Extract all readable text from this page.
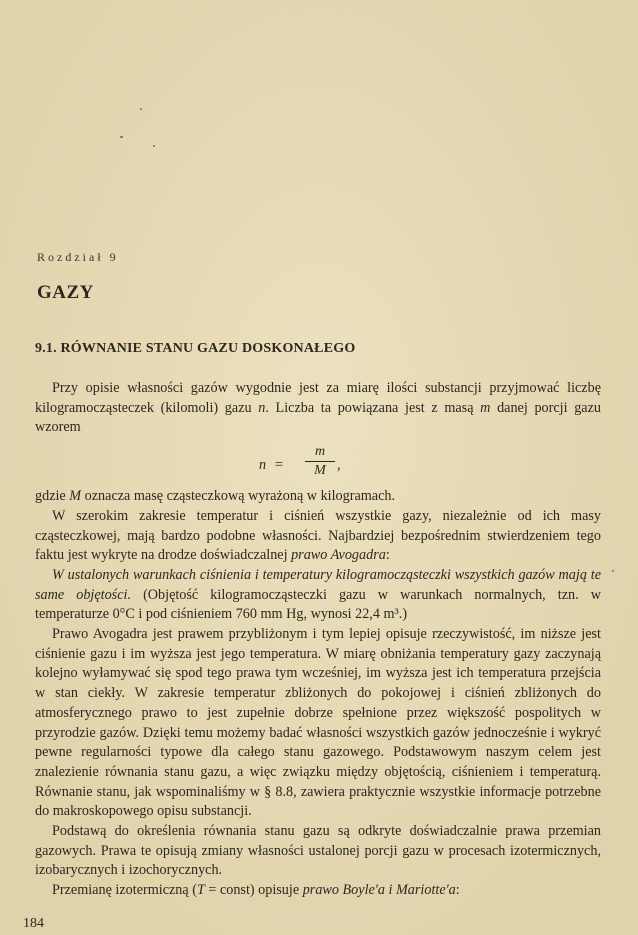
Rozdział 9
GAZY
9.1. RÓWNANIE STANU GAZU DOSKONAŁEGO

Przy opisie własności gazów wygodnie jest za miarę ilości substancji przyjmować liczbę kilogramocząsteczek (kilomoli) gazu n. Liczba ta powiązana jest z masą m danej porcji gazu wzorem

n =
m
M ,

gdzie M oznacza masę cząsteczkową wyrażoną w kilogramach.

W szerokim zakresie temperatur i ciśnień wszystkie gazy, niezależnie od ich masy cząsteczkowej, mają bardzo podobne własności. Najbardziej bezpośrednim stwierdzeniem tego faktu jest wykryte na drodze doświadczalnej prawo Avogadra:

W ustalonych warunkach ciśnienia i temperatury kilogramocząsteczki wszystkich gazów mają te same objętości. (Objętość kilogramocząsteczki gazu w warunkach normalnych, tzn. w temperaturze 0°C i pod ciśnieniem 760 mm Hg, wynosi 22,4 m³.)

Prawo Avogadra jest prawem przybliżonym i tym lepiej opisuje rzeczywistość, im niższe jest ciśnienie gazu i im wyższa jest jego temperatura. W miarę obniżania temperatury gazy zaczynają kolejno wyłamywać się spod tego prawa tym wcześniej, im wyższa jest ich temperatura przejścia w stan ciekły. W zakresie temperatur zbliżonych do pokojowej i ciśnień zbliżonych do atmosferycznego prawo to jest zupełnie dobrze spełnione przez większość pospolitych w przyrodzie gazów. Dzięki temu możemy badać własności wszystkich gazów jednocześnie i wykryć pewne regularności typowe dla całego stanu gazowego. Podstawowym naszym celem jest znalezienie równania stanu gazu, a więc związku między objętością, ciśnieniem i temperaturą. Równanie stanu, jak wspominaliśmy w § 8.8, zawiera praktycznie wszystkie informacje potrzebne do makroskopowego opisu substancji.

Podstawą do określenia równania stanu gazu są odkryte doświadczalnie prawa przemian gazowych. Prawa te opisują zmiany własności ustalonej porcji gazu w procesach izotermicznych, izobarycznych i izochorycznych.

Przemianę izotermiczną (T = const) opisuje prawo Boyle'a i Mariotte'a:

184
